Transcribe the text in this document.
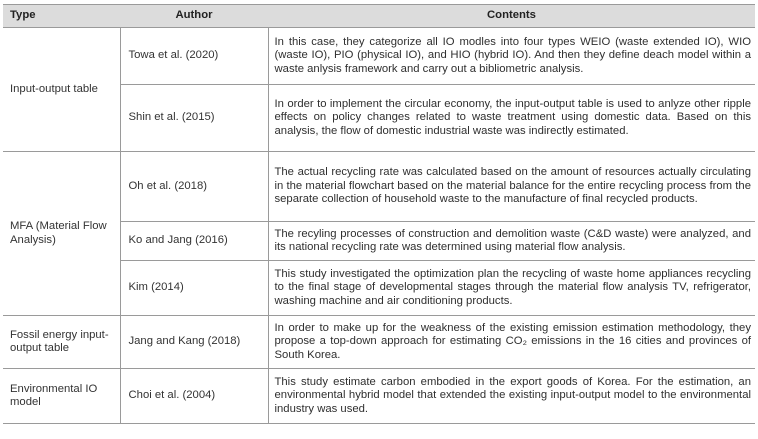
Type	Author	Contents
Input-output table	Towa et al. (2020)	In this case, they categorize all IO modles into four types WEIO (waste extended IO), WIO (waste IO), PIO (physical IO), and HIO (hybrid IO). And then they define deach model within a waste anlysis framework and carry out a bibliometric analysis.
	Shin et al. (2015)	In order to implement the circular economy, the input-output table is used to anlyze other ripple effects on policy changes related to waste treatment using domestic data. Based on this analysis, the flow of domestic industrial waste was indirectly estimated.
MFA (Material Flow Analysis)	Oh et al. (2018)	The actual recycling rate was calculated based on the amount of resources actually circulating in the material flowchart based on the material balance for the entire recycling process from the separate collection of household waste to the manufacture of final recycled products.
	Ko and Jang (2016)	The recyling processes of construction and demolition waste (C&D waste) were analyzed, and its national recycling rate was determined using material flow analysis.
	Kim (2014)	This study investigated the optimization plan the recycling of waste home appliances recycling to the final stage of developmental stages through the material flow analysis TV, refrigerator, washing machine and air conditioning products.
Fossil energy input-output table	Jang and Kang (2018)	In order to make up for the weakness of the existing emission estimation methodology, they propose a top-down approach for estimating CO₂ emissions in the 16 cities and provinces of South Korea.
Environmental IO model	Choi et al. (2004)	This study estimate carbon embodied in the export goods of Korea. For the estimation, an environmental hybrid model that extended the existing input-output model to the environmental industry was used.
